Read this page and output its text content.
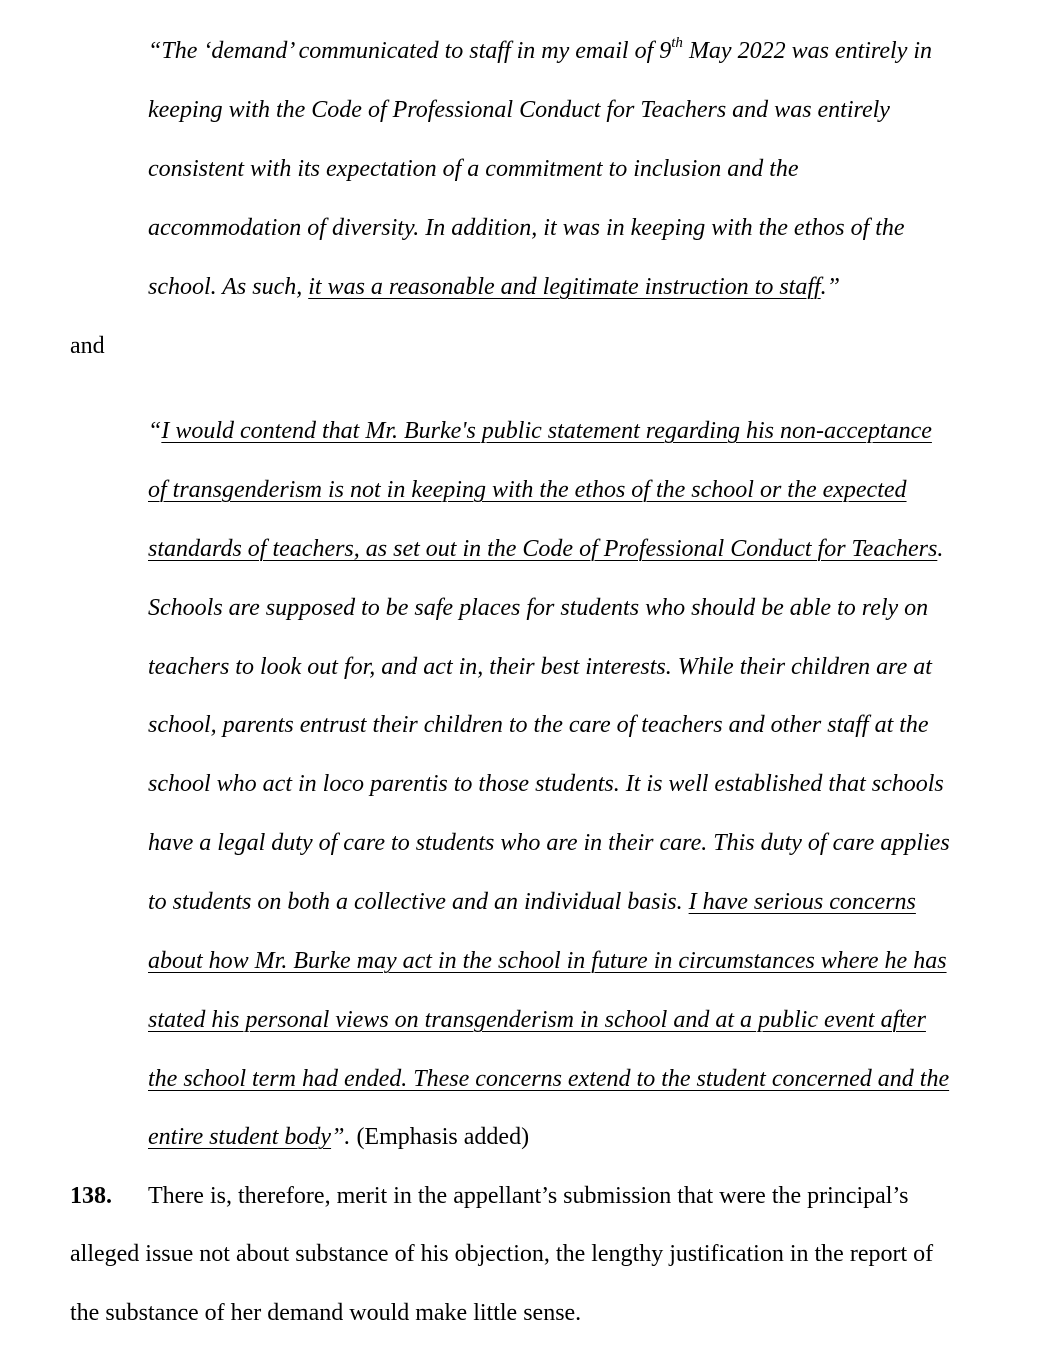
“The ‘demand’ communicated to staff in my email of 9th May 2022 was entirely in
keeping with the Code of Professional Conduct for Teachers and was entirely
consistent with its expectation of a commitment to inclusion and the
accommodation of diversity. In addition, it was in keeping with the ethos of the
school. As such, it was a reasonable and legitimate instruction to staff.”
and
“I would contend that Mr. Burke's public statement regarding his non-acceptance
of transgenderism is not in keeping with the ethos of the school or the expected
standards of teachers, as set out in the Code of Professional Conduct for Teachers.
Schools are supposed to be safe places for students who should be able to rely on
teachers to look out for, and act in, their best interests. While their children are at
school, parents entrust their children to the care of teachers and other staff at the
school who act in loco parentis to those students. It is well established that schools
have a legal duty of care to students who are in their care. This duty of care applies
to students on both a collective and an individual basis. I have serious concerns
about how Mr. Burke may act in the school in future in circumstances where he has
stated his personal views on transgenderism in school and at a public event after
the school term had ended. These concerns extend to the student concerned and the
entire student body”. (Emphasis added)
138. There is, therefore, merit in the appellant’s submission that were the principal’s
alleged issue not about substance of his objection, the lengthy justification in the report of
the substance of her demand would make little sense.
